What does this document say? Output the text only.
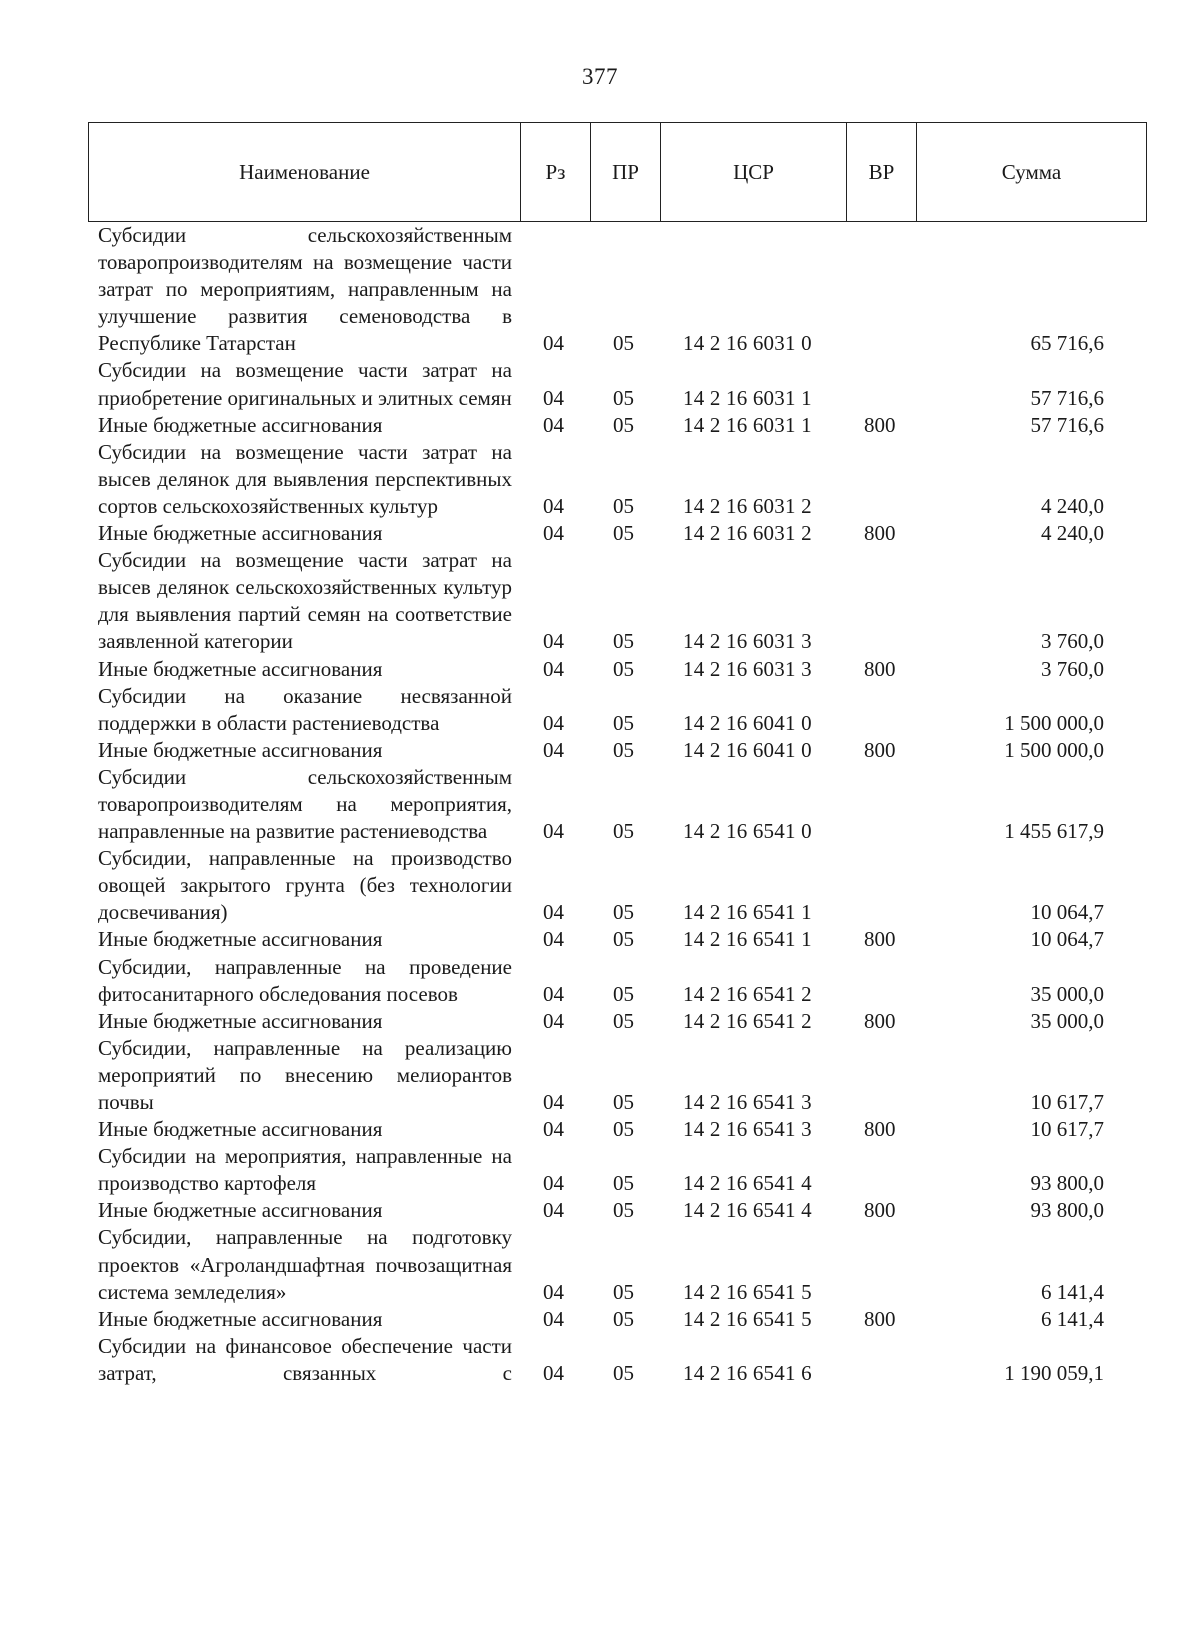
377
Наименование	Рз	ПР	ЦСР	ВР	Сумма
Субсидии сельскохозяйственным товаропроизводителям на возмещение части затрат по мероприятиям, направленным на улучшение развития семеноводства в Республике Татарстан	04	05	14 2 16 6031 0		65 716,6
Субсидии на возмещение части затрат на приобретение оригинальных и элитных семян	04	05	14 2 16 6031 1		57 716,6
Иные бюджетные ассигнования	04	05	14 2 16 6031 1	800	57 716,6
Субсидии на возмещение части затрат на высев делянок для выявления перспективных сортов сельскохозяйственных культур	04	05	14 2 16 6031 2		4 240,0
Иные бюджетные ассигнования	04	05	14 2 16 6031 2	800	4 240,0
Субсидии на возмещение части затрат на высев делянок сельскохозяйственных культур для выявления партий семян на соответствие заявленной категории	04	05	14 2 16 6031 3		3 760,0
Иные бюджетные ассигнования	04	05	14 2 16 6031 3	800	3 760,0
Субсидии на оказание несвязанной поддержки в области растениеводства	04	05	14 2 16 6041 0		1 500 000,0
Иные бюджетные ассигнования	04	05	14 2 16 6041 0	800	1 500 000,0
Субсидии сельскохозяйственным товаропроизводителям на мероприятия, направленные на развитие растениеводства	04	05	14 2 16 6541 0		1 455 617,9
Субсидии, направленные на производство овощей закрытого грунта (без технологии досвечивания)	04	05	14 2 16 6541 1		10 064,7
Иные бюджетные ассигнования	04	05	14 2 16 6541 1	800	10 064,7
Субсидии, направленные на проведение фитосанитарного обследования посевов	04	05	14 2 16 6541 2		35 000,0
Иные бюджетные ассигнования	04	05	14 2 16 6541 2	800	35 000,0
Субсидии, направленные на реализацию мероприятий по внесению мелиорантов почвы	04	05	14 2 16 6541 3		10 617,7
Иные бюджетные ассигнования	04	05	14 2 16 6541 3	800	10 617,7
Субсидии на мероприятия, направленные на производство картофеля	04	05	14 2 16 6541 4		93 800,0
Иные бюджетные ассигнования	04	05	14 2 16 6541 4	800	93 800,0
Субсидии, направленные на подготовку проектов «Агроландшафтная почвозащитная система земледелия»	04	05	14 2 16 6541 5		6 141,4
Иные бюджетные ассигнования	04	05	14 2 16 6541 5	800	6 141,4
Субсидии на финансовое обеспечение части затрат, связанных с	04	05	14 2 16 6541 6		1 190 059,1
